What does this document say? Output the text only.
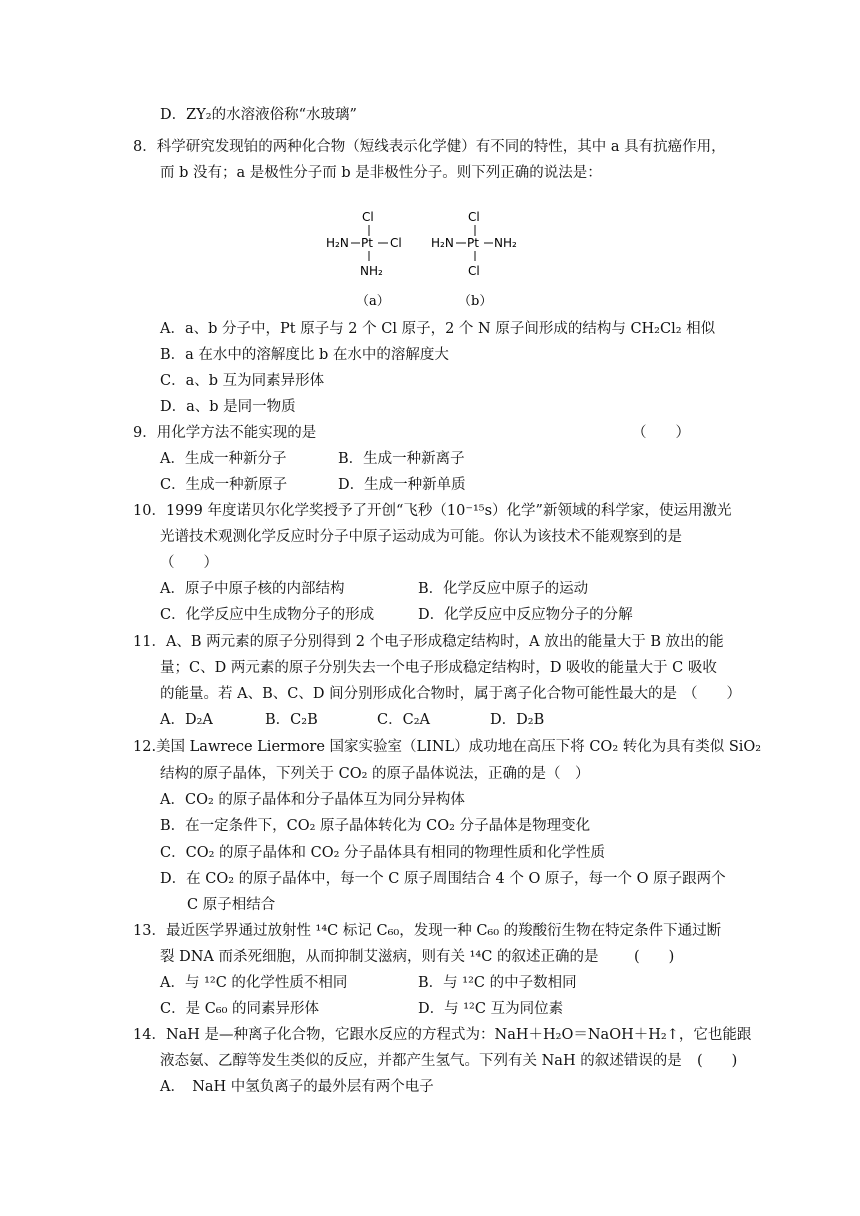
D．ZY₂的水溶液俗称“水玻璃”
8．科学研究发现铂的两种化合物（短线表示化学健）有不同的特性，其中 a 具有抗癌作用，
而 b 没有；a 是极性分子而 b 是非极性分子。则下列正确的说法是：
Cl
H₂N Pt Cl
NH₂
Cl
H₂N Pt NH₂
Cl
（a）	（b）
A．a、b 分子中，Pt 原子与 2 个 Cl 原子，2 个 N 原子间形成的结构与 CH₂Cl₂ 相似
B．a 在水中的溶解度比 b 在水中的溶解度大
C．a、b 互为同素异形体
D．a、b 是同一物质
9．用化学方法不能实现的是	（　　）
A．生成一种新分子	B．生成一种新离子
C．生成一种新原子	D．生成一种新单质
10．1999 年度诺贝尔化学奖授予了开创“飞秒（10⁻¹⁵s）化学”新领域的科学家，使运用激光
光谱技术观测化学反应时分子中原子运动成为可能。你认为该技术不能观察到的是
（　　）
A．原子中原子核的内部结构	B．化学反应中原子的运动
C．化学反应中生成物分子的形成	D．化学反应中反应物分子的分解
11．A、B 两元素的原子分别得到 2 个电子形成稳定结构时，A 放出的能量大于 B 放出的能
量；C、D 两元素的原子分别失去一个电子形成稳定结构时，D 吸收的能量大于 C 吸收
的能量。若 A、B、C、D 间分别形成化合物时，属于离子化合物可能性最大的是 （　　）
A．D₂A	B．C₂B	C．C₂A	D．D₂B
12.美国 Lawrece Liermore 国家实验室（LINL）成功地在高压下将 CO₂ 转化为具有类似 SiO₂
结构的原子晶体，下列关于 CO₂ 的原子晶体说法，正确的是（　）
A．CO₂ 的原子晶体和分子晶体互为同分异构体
B．在一定条件下，CO₂ 原子晶体转化为 CO₂ 分子晶体是物理变化
C．CO₂ 的原子晶体和 CO₂ 分子晶体具有相同的物理性质和化学性质
D．在 CO₂ 的原子晶体中，每一个 C 原子周围结合 4 个 O 原子，每一个 O 原子跟两个
C 原子相结合
13．最近医学界通过放射性 ¹⁴C 标记 C₆₀，发现一种 C₆₀ 的羧酸衍生物在特定条件下通过断
裂 DNA 而杀死细胞，从而抑制艾滋病，则有关 ¹⁴C 的叙述正确的是 (　　)
A．与 ¹²C 的化学性质不相同	B．与 ¹²C 的中子数相同
C．是 C₆₀ 的同素异形体	D．与 ¹²C 互为同位素
14．NaH 是—种离子化合物，它跟水反应的方程式为：NaH＋H₂O＝NaOH＋H₂↑，它也能跟
液态氨、乙醇等发生类似的反应，并都产生氢气。下列有关 NaH 的叙述错误的是 (　　)
A．　NaH 中氢负离子的最外层有两个电子
